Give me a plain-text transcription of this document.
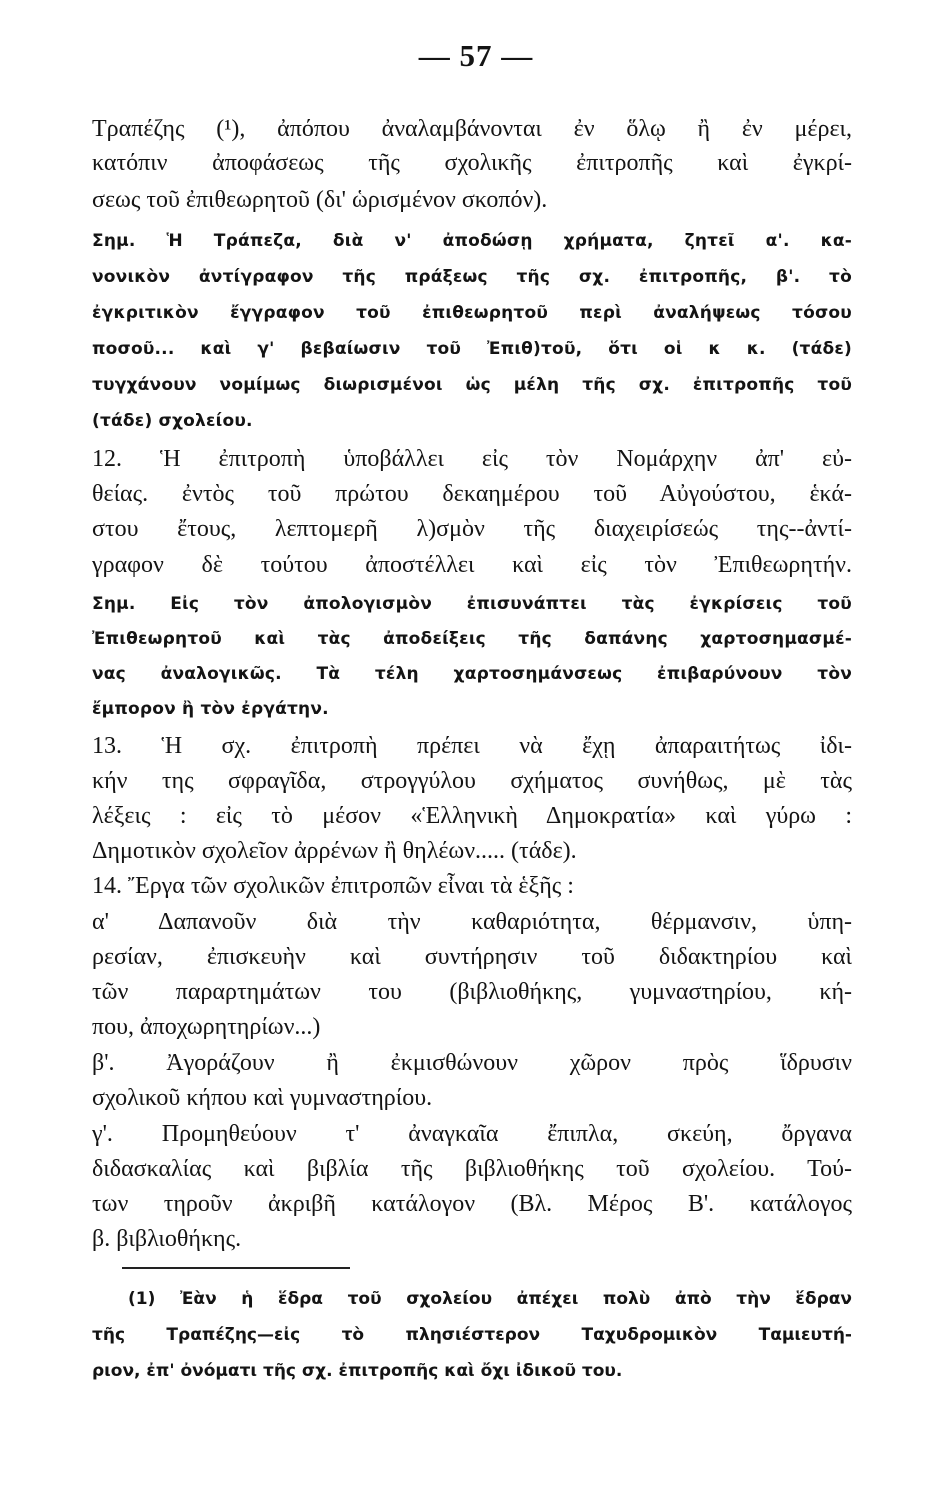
— 57 —
Τραπέζης (¹), ἀπόπου ἀναλαμβάνονται ἐν ὅλῳ ἢ ἐν μέρει,
κατόπιν ἀποφάσεως τῆς σχολικῆς ἐπιτροπῆς καὶ ἐγκρί-
σεως τοῦ ἐπιθεωρητοῦ (δι' ὡρισμένον σκοπόν).
Σημ. Ἡ Τράπεζα, διὰ ν' ἀποδώσῃ χρήματα, ζητεῖ α'. κα-
νονικὸν ἀντίγραφον τῆς πράξεως τῆς σχ. ἐπιτροπῆς, β'. τὸ
ἐγκριτικὸν ἔγγραφον τοῦ ἐπιθεωρητοῦ περὶ ἀναλήψεως τόσου
ποσοῦ... καὶ γ' βεβαίωσιν τοῦ Ἐπιθ)τοῦ, ὅτι οἱ κ κ. (τάδε)
τυγχάνουν νομίμως διωρισμένοι ὡς μέλη τῆς σχ. ἐπιτροπῆς τοῦ
(τάδε) σχολείου.
12. Ἡ ἐπιτροπὴ ὑποβάλλει εἰς τὸν Νομάρχην ἀπ' εὐ-
θείας. ἐντὸς τοῦ πρώτου δεκαημέρου τοῦ Αὐγούστου, ἑκά-
στου ἔτους, λεπτομερῆ λ)σμὸν τῆς διαχειρίσεώς της--ἀντί-
γραφον δὲ τούτου ἀποστέλλει καὶ εἰς τὸν Ἐπιθεωρητήν.
Σημ. Εἰς τὸν ἀπολογισμὸν ἐπισυνάπτει τὰς ἐγκρίσεις τοῦ
Ἐπιθεωρητοῦ καὶ τὰς ἀποδείξεις τῆς δαπάνης χαρτοσημασμέ-
νας ἀναλογικῶς. Τὰ τέλη χαρτοσημάνσεως ἐπιβαρύνουν τὸν
ἔμπορον ἢ τὸν ἐργάτην.
13. Ἡ σχ. ἐπιτροπὴ πρέπει νὰ ἔχῃ ἀπαραιτήτως ἰδι-
κήν της σφραγῖδα, στρογγύλου σχήματος συνήθως, μὲ τὰς
λέξεις : εἰς τὸ μέσον «Ἑλληνικὴ Δημοκρατία» καὶ γύρω :
Δημοτικὸν σχολεῖον ἀρρένων ἢ θηλέων..... (τάδε).
14. Ἔργα τῶν σχολικῶν ἐπιτροπῶν εἶναι τὰ ἑξῆς :
α' Δαπανοῦν διὰ τὴν καθαριότητα, θέρμανσιν, ὑπη-
ρεσίαν, ἐπισκευὴν καὶ συντήρησιν τοῦ διδακτηρίου καὶ
τῶν παραρτημάτων του (βιβλιοθήκης, γυμναστηρίου, κή-
που, ἀποχωρητηρίων...)
β'. Ἀγοράζουν ἢ ἐκμισθώνουν χῶρον πρὸς ἵδρυσιν
σχολικοῦ κήπου καὶ γυμναστηρίου.
γ'. Προμηθεύουν τ' ἀναγκαῖα ἔπιπλα, σκεύη, ὄργανα
διδασκαλίας καὶ βιβλία τῆς βιβλιοθήκης τοῦ σχολείου. Τού-
των τηροῦν ἀκριβῆ κατάλογον (Βλ. Μέρος Β'. κατάλογος
β. βιβλιοθήκης.
(1) Ἐὰν ἡ ἕδρα τοῦ σχολείου ἀπέχει πολὺ ἀπὸ τὴν ἕδραν
τῆς Τραπέζης—εἰς τὸ πλησιέστερον Ταχυδρομικὸν Ταμιευτή-
ριον, ἐπ' ὀνόματι τῆς σχ. ἐπιτροπῆς καὶ ὄχι ἰδικοῦ του.
